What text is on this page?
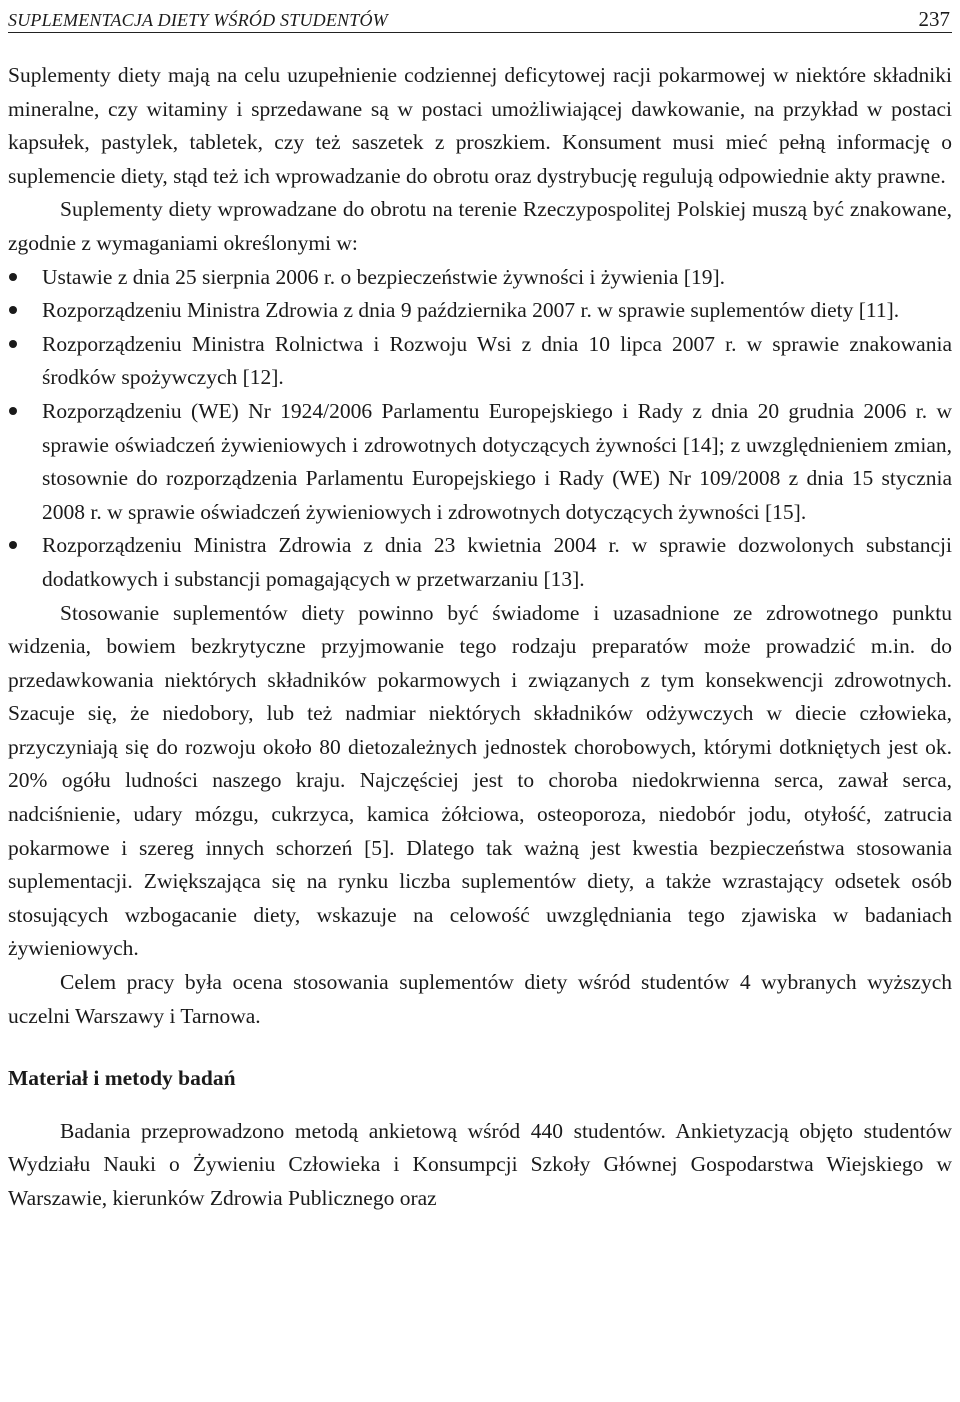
SUPLEMENTACJA DIETY WŚRÓD STUDENTÓW	237

Suplementy diety mają na celu uzupełnienie codziennej deficytowej racji pokarmowej w niektóre składniki mineralne, czy witaminy i sprzedawane są w postaci umożliwiającej dawkowanie, na przykład w postaci kapsułek, pastylek, tabletek, czy też saszetek z proszkiem. Konsument musi mieć pełną informację o suplemencie diety, stąd też ich wprowadzanie do obrotu oraz dystrybucję regulują odpowiednie akty prawne.

Suplementy diety wprowadzane do obrotu na terenie Rzeczypospolitej Polskiej muszą być znakowane, zgodnie z wymaganiami określonymi w:

Ustawie z dnia 25 sierpnia 2006 r. o bezpieczeństwie żywności i żywienia [19].
Rozporządzeniu Ministra Zdrowia z dnia 9 października 2007 r. w sprawie suplementów diety [11].
Rozporządzeniu Ministra Rolnictwa i Rozwoju Wsi z dnia 10 lipca 2007 r. w sprawie znakowania środków spożywczych [12].
Rozporządzeniu (WE) Nr 1924/2006 Parlamentu Europejskiego i Rady z dnia 20 grudnia 2006 r. w sprawie oświadczeń żywieniowych i zdrowotnych dotyczących żywności [14]; z uwzględnieniem zmian, stosownie do rozporządzenia Parlamentu Europejskiego i Rady (WE) Nr 109/2008 z dnia 15 stycznia 2008 r. w sprawie oświadczeń żywieniowych i zdrowotnych dotyczących żywności [15].
Rozporządzeniu Ministra Zdrowia z dnia 23 kwietnia 2004 r. w sprawie dozwolonych substancji dodatkowych i substancji pomagających w przetwarzaniu [13].

Stosowanie suplementów diety powinno być świadome i uzasadnione ze zdrowotnego punktu widzenia, bowiem bezkrytyczne przyjmowanie tego rodzaju preparatów może prowadzić m.in. do przedawkowania niektórych składników pokarmowych i związanych z tym konsekwencji zdrowotnych. Szacuje się, że niedobory, lub też nadmiar niektórych składników odżywczych w diecie człowieka, przyczyniają się do rozwoju około 80 dietozależnych jednostek chorobowych, którymi dotkniętych jest ok. 20% ogółu ludności naszego kraju. Najczęściej jest to choroba niedokrwienna serca, zawał serca, nadciśnienie, udary mózgu, cukrzyca, kamica żółciowa, osteoporoza, niedobór jodu, otyłość, zatrucia pokarmowe i szereg innych schorzeń [5]. Dlatego tak ważną jest kwestia bezpieczeństwa stosowania suplementacji. Zwiększająca się na rynku liczba suplementów diety, a także wzrastający odsetek osób stosujących wzbogacanie diety, wskazuje na celowość uwzględniania tego zjawiska w badaniach żywieniowych.

Celem pracy była ocena stosowania suplementów diety wśród studentów 4 wybranych wyższych uczelni Warszawy i Tarnowa.

Materiał i metody badań

Badania przeprowadzono metodą ankietową wśród 440 studentów. Ankietyzacją objęto studentów Wydziału Nauki o Żywieniu Człowieka i Konsumpcji Szkoły Głównej Gospodarstwa Wiejskiego w Warszawie, kierunków Zdrowia Publicznego oraz
